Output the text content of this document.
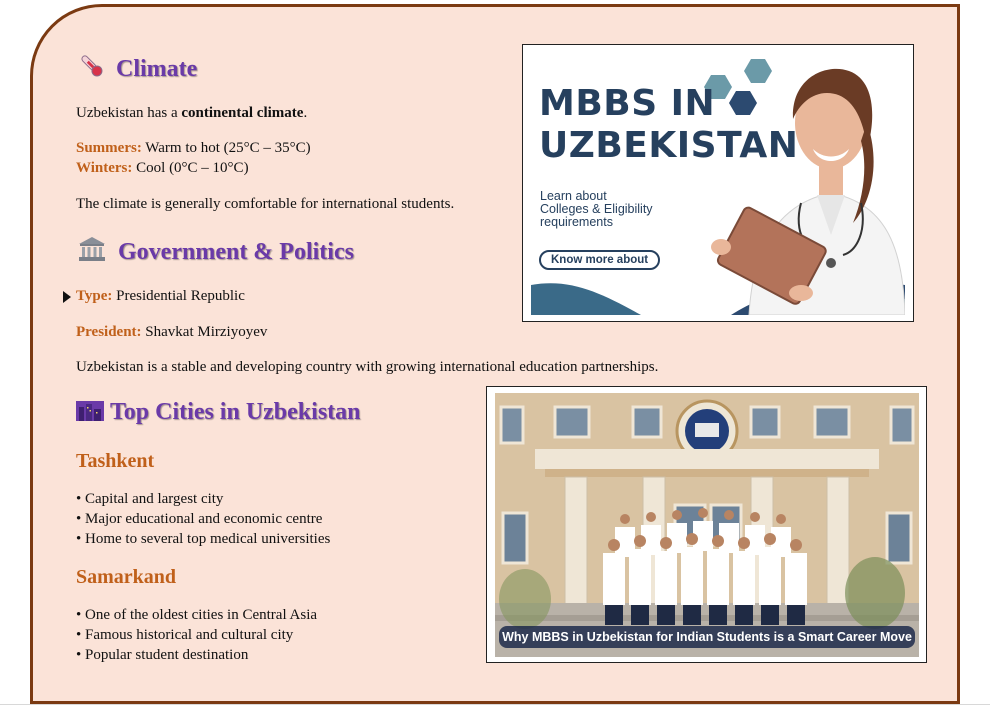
Climate
Uzbekistan has a continental climate.
Summers: Warm to hot (25°C – 35°C)
Winters: Cool (0°C – 10°C)
The climate is generally comfortable for international students.
Government & Politics
Type: Presidential Republic
President: Shavkat Mirziyoyev
Uzbekistan is a stable and developing country with growing international education partnerships.
Top Cities in Uzbekistan
Tashkent
• Capital and largest city
• Major educational and economic centre
• Home to several top medical universities
Samarkand
• One of the oldest cities in Central Asia
• Famous historical and cultural city
• Popular student destination
MBBS IN
UZBEKISTAN
Learn about
Colleges & Eligibility
requirements
Know more about
Why MBBS in Uzbekistan for Indian Students is a Smart Career Move
